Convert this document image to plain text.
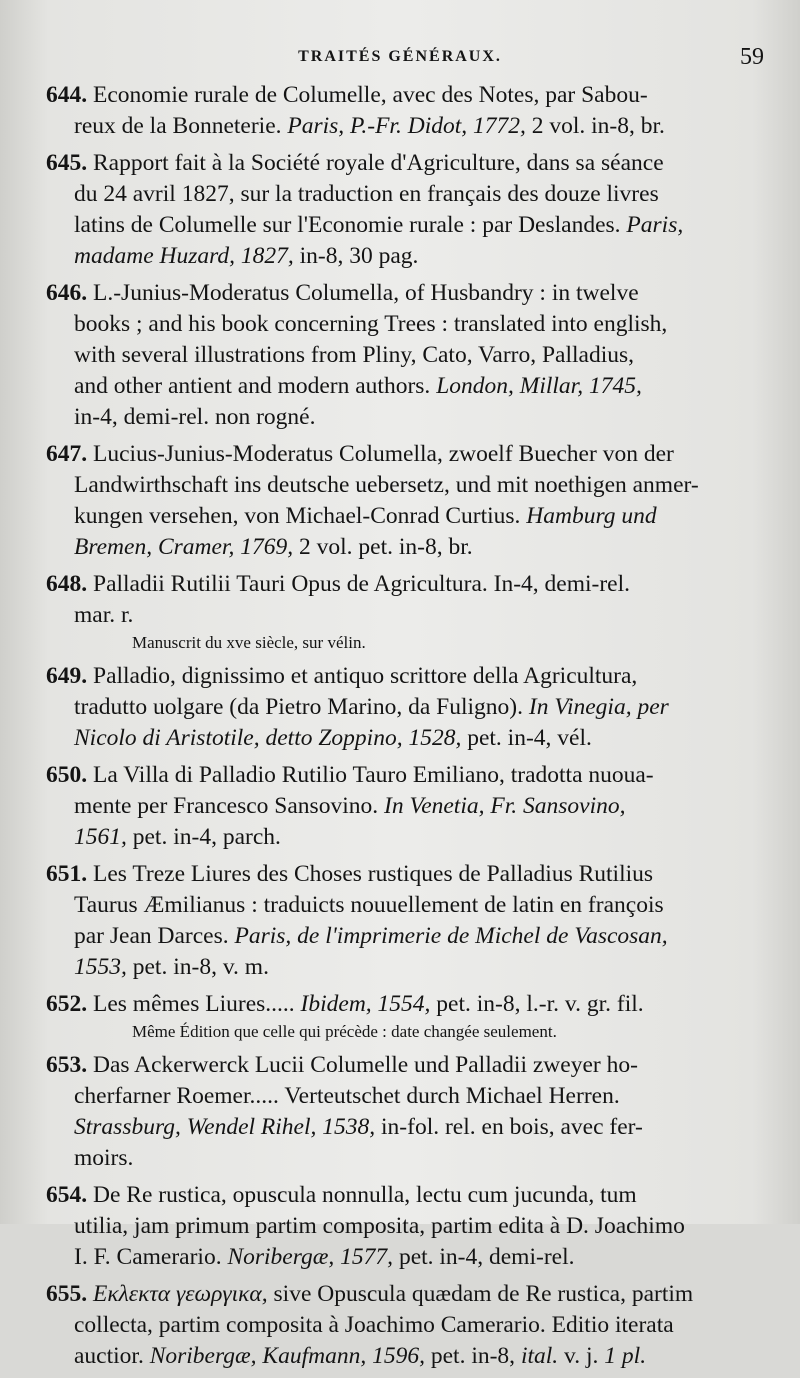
TRAITÉS GÉNÉRAUX.	59
644. Economie rurale de Columelle, avec des Notes, par Sabou-
reux de la Bonneterie. Paris, P.-Fr. Didot, 1772, 2 vol. in-8, br.
645. Rapport fait à la Société royale d'Agriculture, dans sa séance
du 24 avril 1827, sur la traduction en français des douze livres
latins de Columelle sur l'Economie rurale : par Deslandes. Paris,
madame Huzard, 1827, in-8, 30 pag.
646. L.-Junius-Moderatus Columella, of Husbandry : in twelve
books ; and his book concerning Trees : translated into english,
with several illustrations from Pliny, Cato, Varro, Palladius,
and other antient and modern authors. London, Millar, 1745,
in-4, demi-rel. non rogné.
647. Lucius-Junius-Moderatus Columella, zwoelf Buecher von der
Landwirthschaft ins deutsche uebersetz, und mit noethigen anmer-
kungen versehen, von Michael-Conrad Curtius. Hamburg und
Bremen, Cramer, 1769, 2 vol. pet. in-8, br.
648. Palladii Rutilii Tauri Opus de Agricultura. In-4, demi-rel.
mar. r.
Manuscrit du xve siècle, sur vélin.
649. Palladio, dignissimo et antiquo scrittore della Agricultura,
tradutto uolgare (da Pietro Marino, da Fuligno). In Vinegia, per
Nicolo di Aristotile, detto Zoppino, 1528, pet. in-4, vél.
650. La Villa di Palladio Rutilio Tauro Emiliano, tradotta nuoua-
mente per Francesco Sansovino. In Venetia, Fr. Sansovino,
1561, pet. in-4, parch.
651. Les Treze Liures des Choses rustiques de Palladius Rutilius
Taurus Æmilianus : traduicts nouuellement de latin en françois
par Jean Darces. Paris, de l'imprimerie de Michel de Vascosan,
1553, pet. in-8, v. m.
652. Les mêmes Liures..... Ibidem, 1554, pet. in-8, l.-r. v. gr. fil.
Même Édition que celle qui précède : date changée seulement.
653. Das Ackerwerck Lucii Columelle und Palladii zweyer ho-
cherfarner Roemer..... Verteutschet durch Michael Herren.
Strassburg, Wendel Rihel, 1538, in-fol. rel. en bois, avec fer-
moirs.
654. De Re rustica, opuscula nonnulla, lectu cum jucunda, tum
utilia, jam primum partim composita, partim edita à D. Joachimo
I. F. Camerario. Noribergæ, 1577, pet. in-4, demi-rel.
655. Εκλεκτα γεωργικα, sive Opuscula quædam de Re rustica, partim
collecta, partim composita à Joachimo Camerario. Editio iterata
auctior. Noribergæ, Kaufmann, 1596, pet. in-8, ital. v. j. 1 pl.
